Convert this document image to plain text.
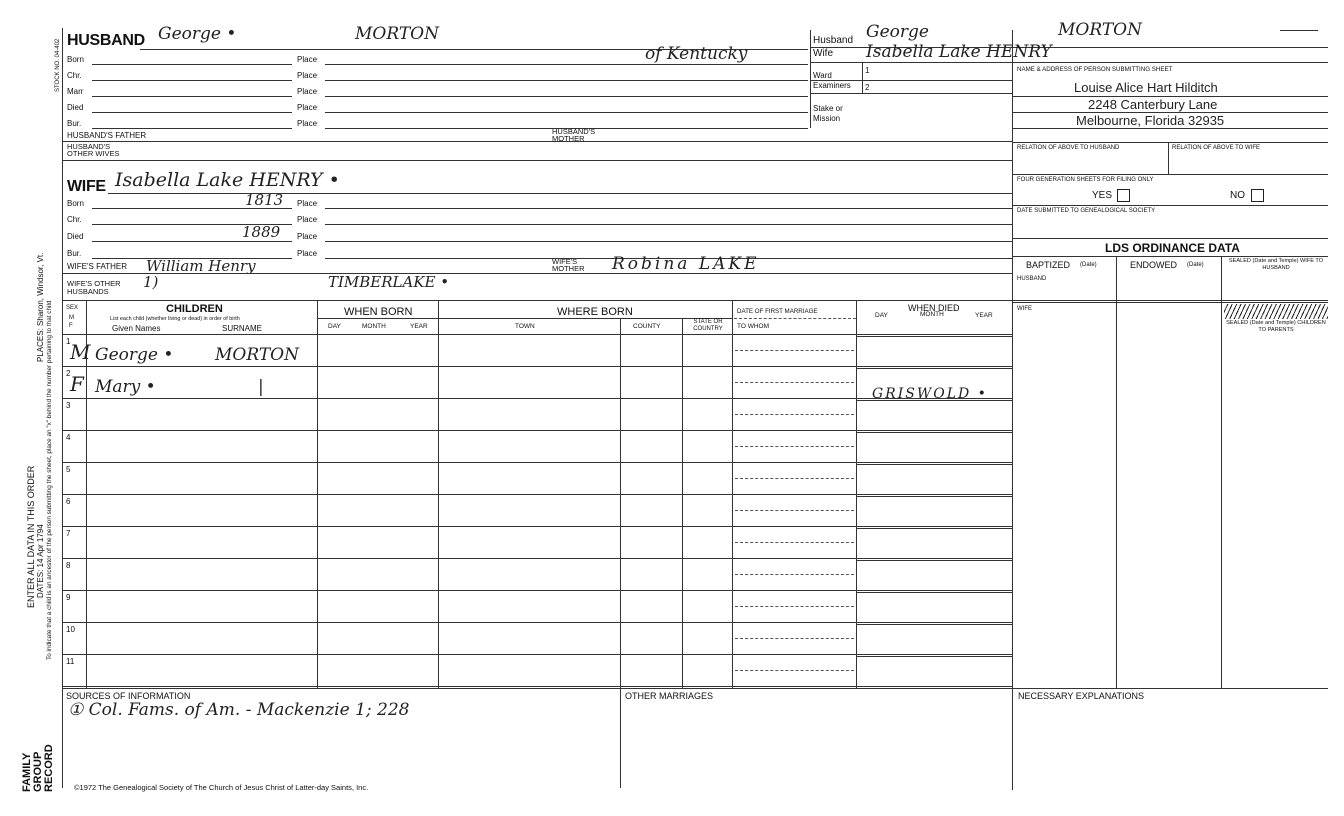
STOCK NO. 04-402
FAMILY GROUP RECORD
ENTER ALL DATA IN THIS ORDER
PLACES: Sharon, Windsor, Vt.
DATES: 14 Apr 1794 To indicate that a child is an ancestor of the person submitting the sheet, place an "x" behind the number pertaining to that child
HUSBAND George •	MORTON
of Kentucky
Born	Place
Chr.	Place
Marr	Place
Died	Place
Bur.	Place
HUSBAND'S FATHER	HUSBAND'S MOTHER
HUSBAND'S OTHER WIVES
Husband George	MORTON
Wife Isabella Lake HENRY
Ward
1
Examiners 2
Stake or Mission
NAME & ADDRESS OF PERSON SUBMITTING SHEET
Louise Alice Hart Hilditch
2248 Canterbury Lane
Melbourne, Florida 32935
RELATION OF ABOVE TO HUSBAND	RELATION OF ABOVE TO WIFE
FOUR GENERATION SHEETS FOR FILING ONLY
YES	NO
DATE SUBMITTED TO GENEALOGICAL SOCIETY
LDS ORDINANCE DATA
BAPTIZED (Date)	ENDOWED (Date)
SEALED (Date and Temple) WIFE TO HUSBAND
HUSBAND
WIFE
SEALED (Date and Temple) CHILDREN TO PARENTS
WIFE Isabella Lake HENRY •
Born	1813 Place
Chr.	Place
Died	1889 Place
Bur.	Place
WIFE'S FATHER William Henry	WIFE'S MOTHER	Robina LAKE
WIFE'S OTHER HUSBANDS
1)	TIMBERLAKE •
SEX
M F
CHILDREN
List each child (whether living or dead) in order of birth
Given Names	SURNAME
WHEN BORN
DAY	MONTH	YEAR
WHERE BORN
TOWN	COUNTY
STATE OR COUNTRY
DATE OF FIRST MARRIAGE
TO WHOM
WHEN DIED
DAY	MONTH	YEAR
1 M George • MORTON
2 F Mary •	|	GRISWOLD •
3
4
5
6
7
8
9
10
11
SOURCES OF INFORMATION
① Col. Fams. of Am. - Mackenzie 1; 228
OTHER MARRIAGES	NECESSARY EXPLANATIONS
©1972 The Genealogical Society of The Church of Jesus Christ of Latter-day Saints, Inc.
